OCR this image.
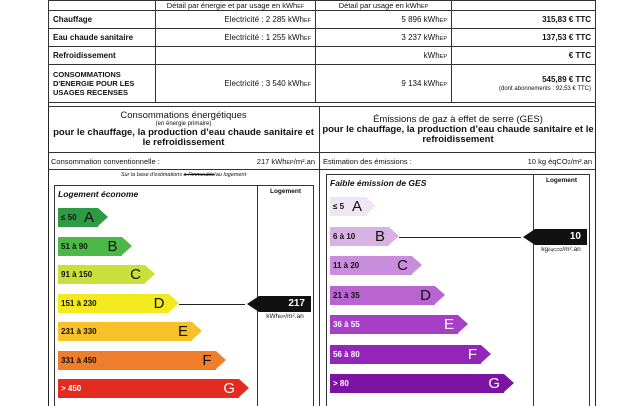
	Détail par énergie et par usage en kWhEF	Détail par usage en kWhEP	
Chauffage	Electricité : 2 285 kWhEF	5 896 kWhEP	315,83 € TTC
Eau chaude sanitaire	Electricité : 1 255 kWhEF	3 237 kWhEP	137,53 € TTC
Refroidissement		kWhEP	€ TTC
CONSOMMATIONS D'ENERGIE POUR LES USAGES RECENSES	Electricité : 3 540 kWhEF	9 134 kWhEP	545,89 € TTC
(dont abonnements : 92,53 € TTC)
Consommations énergétiques
(en énergie primaire)
pour le chauffage, la production d’eau chaude sanitaire et le refroidissement
Consommation conventionnelle :	217 kWhEP/m².an
Sur la base d'estimations à l'immeuble/au logement
Logement économe	Logement
≤ 50 A
51 à 90 B
91 à 150	C
151 à 230	D
231 à 330	E
331 à 450	F
> 450	G
217
kWhEP/m².an
Émissions de gaz à effet de serre (GES)
pour le chauffage, la production d’eau chaude sanitaire et le refroidissement
Estimation des émissions :	10 kg éqCO2/m².an
Faible émission de GES	Logement
≤ 5 A
6 à 10 B
11 à 20	C
21 à 35	D
36 à 55	E
56 à 80	F
> 80	G
10
kgéqCO2/m².an
